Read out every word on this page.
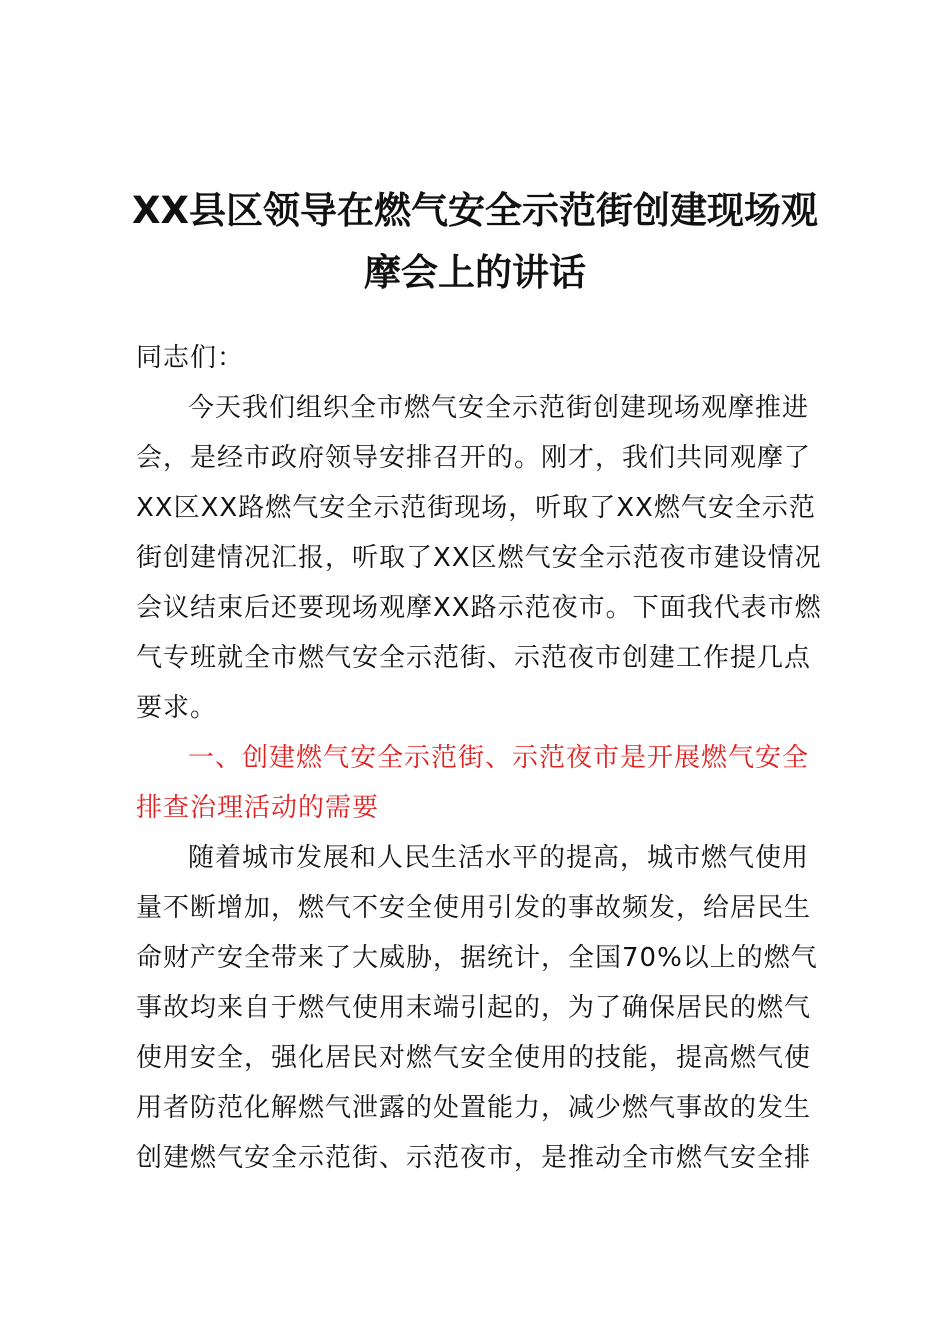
XX县区领导在燃气安全示范街创建现场观
摩会上的讲话
同志们：
今天我们组织全市燃气安全示范街创建现场观摩推进
会，是经市政府领导安排召开的。刚才，我们共同观摩了
XX区XX路燃气安全示范街现场，听取了XX燃气安全示范
街创建情况汇报，听取了XX区燃气安全示范夜市建设情况
会议结束后还要现场观摩XX路示范夜市。下面我代表市燃
气专班就全市燃气安全示范街、示范夜市创建工作提几点
要求。
一、创建燃气安全示范街、示范夜市是开展燃气安全
排查治理活动的需要
随着城市发展和人民生活水平的提高，城市燃气使用
量不断增加，燃气不安全使用引发的事故频发，给居民生
命财产安全带来了大威胁，据统计，全国70%以上的燃气
事故均来自于燃气使用末端引起的，为了确保居民的燃气
使用安全，强化居民对燃气安全使用的技能，提高燃气使
用者防范化解燃气泄露的处置能力，减少燃气事故的发生
创建燃气安全示范街、示范夜市，是推动全市燃气安全排
